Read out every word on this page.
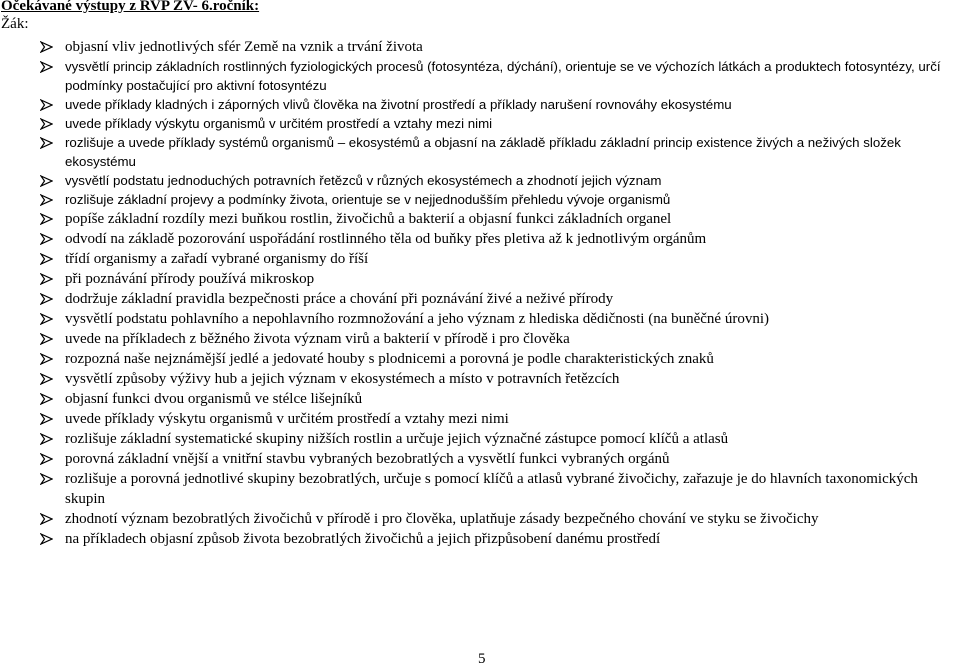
Očekávané výstupy z RVP ZV- 6.ročník:
Žák:
objasní vliv jednotlivých sfér Země na vznik a trvání života
vysvětlí princip základních rostlinných fyziologických procesů (fotosyntéza, dýchání), orientuje se ve výchozích látkách a produktech fotosyntézy, určí podmínky postačující pro aktivní fotosyntézu
uvede příklady kladných i záporných vlivů člověka na životní prostředí a příklady narušení rovnováhy ekosystému
uvede příklady výskytu organismů v určitém prostředí a vztahy mezi nimi
rozlišuje a uvede příklady systémů organismů – ekosystémů a objasní na základě příkladu základní princip existence živých a neživých složek ekosystému
vysvětlí podstatu jednoduchých potravních řetězců v různých ekosystémech a zhodnotí jejich význam
rozlišuje základní projevy a podmínky života, orientuje se v nejjednodušším přehledu vývoje organismů
popíše základní rozdíly mezi buňkou rostlin, živočichů a bakterií a objasní funkci základních organel
odvodí na základě pozorování uspořádání rostlinného těla od buňky přes pletiva až k jednotlivým orgánům
třídí organismy a zařadí vybrané organismy do říší
při poznávání přírody používá mikroskop
dodržuje základní pravidla bezpečnosti práce a chování při poznávání živé a neživé přírody
vysvětlí podstatu pohlavního a nepohlavního rozmnožování a jeho význam z hlediska dědičnosti (na buněčné úrovni)
uvede na příkladech z běžného života význam virů a bakterií v přírodě i pro člověka
rozpozná naše nejznámější jedlé a jedovaté houby s plodnicemi a porovná je podle charakteristických znaků
vysvětlí způsoby výživy hub a jejich význam v ekosystémech a místo v potravních řetězcích
objasní funkci dvou organismů ve stélce lišejníků
uvede příklady výskytu organismů v určitém prostředí a vztahy mezi nimi
rozlišuje základní systematické skupiny nižších rostlin a určuje jejich význačné zástupce pomocí klíčů a atlasů
porovná základní vnější a vnitřní stavbu vybraných bezobratlých a vysvětlí funkci vybraných orgánů
rozlišuje a porovná jednotlivé skupiny bezobratlých, určuje s pomocí klíčů a atlasů vybrané živočichy, zařazuje je do hlavních taxonomických skupin
zhodnotí význam bezobratlých živočichů v přírodě i pro člověka, uplatňuje zásady bezpečného chování ve styku se živočichy
na příkladech objasní způsob života bezobratlých živočichů a jejich přizpůsobení danému prostředí
5
